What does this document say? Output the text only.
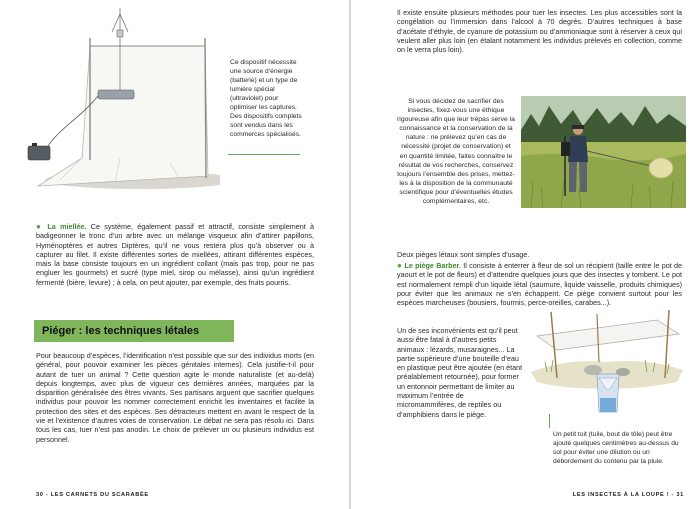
Ce dispositif nécessite une source d’énergie (batterie) et un type de lumière spécial (ultraviolet) pour optimiser les captures. Des dispositifs complets sont vendus dans les commerces spécialisés.

● La miellée. Ce système, également passif et attractif, consiste simplement à badigeonner le tronc d’un arbre avec un mélange visqueux afin d’attirer papillons, Hyménoptères et autres Diptères, qu’il ne vous restera plus qu’à observer ou à capturer au filet. Il existe différentes sortes de miellées, attirant différentes espèces, mais la base consiste toujours en un ingrédient collant (mais pas trop, pour ne pas engluer les gourmets) et sucré (type miel, sirop ou mélasse), ainsi qu’un ingrédient fermenté (bière, levure) ; à cela, on peut ajouter, par exemple, des fruits pourris.

Piéger : les techniques létales

Pour beaucoup d’espèces, l’identification n’est possible que sur des individus morts (en général, pour pouvoir examiner les pièces génitales internes). Cela justifie-t-il pour autant de tuer un animal ? Cette question agite le monde naturaliste (et au-delà) depuis longtemps, avec plus de vigueur ces dernières années, marquées par la disparition généralisée des êtres vivants. Ses partisans arguent que sacrifier quelques individus pour pouvoir les nommer correctement enrichit les inventaires et facilite la protection des sites et des espèces. Ses détracteurs mettent en avant le respect de la vie et l’existence d’autres voies de conservation. Le débat ne sera pas résolu ici. Dans tous les cas, tuer n’est pas anodin. Le choix de prélever un ou plusieurs individus est personnel.

30 - LES CARNETS DU SCARABÉE

Il existe ensuite plusieurs méthodes pour tuer les insectes. Les plus accessibles sont la congélation ou l’immersion dans l’alcool à 70 degrés. D’autres techniques à base d’acétate d’éthyle, de cyanure de potassium ou d’ammoniaque sont à réserver à ceux qui veulent aller plus loin (en étalant notamment les individus prélevés en collection, comme on le verra plus loin).

Si vous décidez de sacrifier des insectes, fixez-vous une éthique rigoureuse afin que leur trépas serve la connaissance et la conservation de la nature : ne prélevez qu’en cas de nécessité (projet de conservation) et en quantité limitée, faites connaître le résultat de vos recherches, conservez toujours l’ensemble des prises, mettez-les à la disposition de la communauté scientifique pour d’éventuelles études complémentaires, etc.

Deux pièges létaux sont simples d’usage.

● Le piège Barber. Il consiste à enterrer à fleur de sol un récipient (taille entre le pot de yaourt et le pot de fleurs) et d’attendre quelques jours que des insectes y tombent. Le pot est normalement rempli d’un liquide létal (saumure, liquide vaisselle, produits chimiques) pour éviter que les animaux ne s’en échappent. Ce piège convient surtout pour les espèces marcheuses (bousiers, fourmis, perce-oreilles, carabes...).

Un de ses inconvénients est qu’il peut aussi être fatal à d’autres petits animaux : lézards, musaraignes... La partie supérieure d’une bouteille d’eau en plastique peut être ajoutée (en étant préalablement retournée), pour former un entonnoir permettant de limiter au maximum l’entrée de micromammifères, de reptiles ou d’amphibiens dans le piège.

Un petit toit (tuile, bout de tôle) peut être ajouté quelques centimètres au-dessus du sol pour éviter une dilution ou un débordement du contenu par la pluie.

LES INSECTES À LA LOUPE ! - 31
